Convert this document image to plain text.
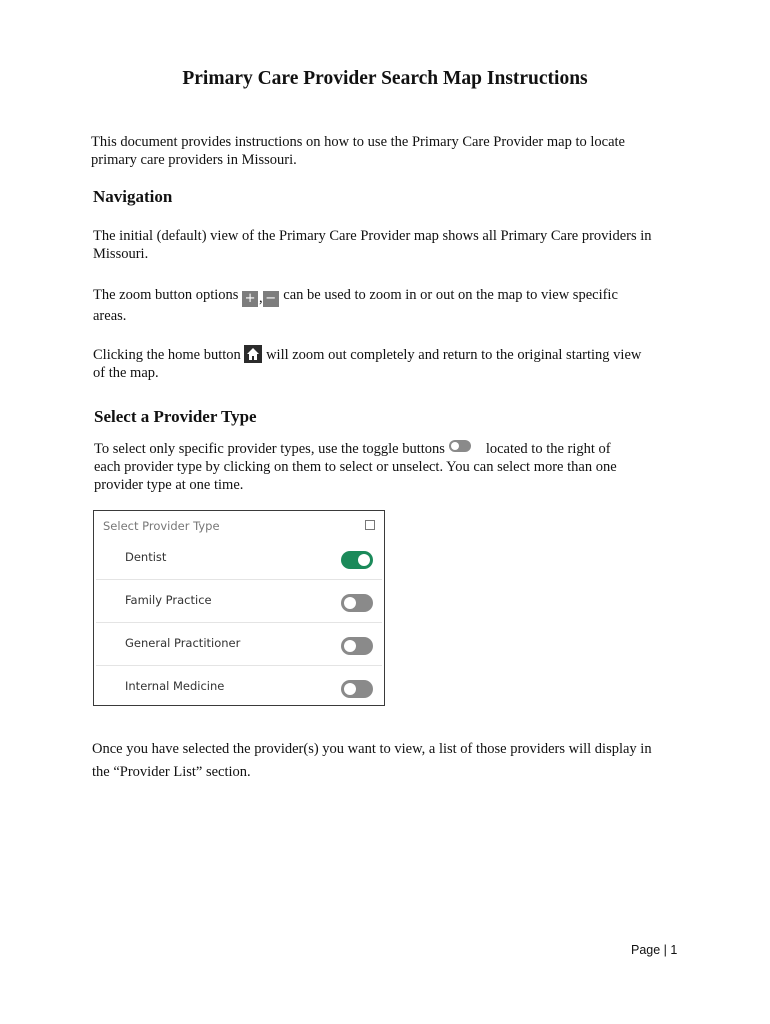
Primary Care Provider Search Map Instructions
This document provides instructions on how to use the Primary Care Provider map to locate
primary care providers in Missouri.
Navigation
The initial (default) view of the Primary Care Provider map shows all Primary Care providers in
Missouri.
The zoom button options + , − can be used to zoom in or out on the map to view specific
areas.
Clicking the home button will zoom out completely and return to the original starting view
of the map.
Select a Provider Type
To select only specific provider types, use the toggle buttons	located to the right of
each provider type by clicking on them to select or unselect. You can select more than one
provider type at one time.
Select Provider Type
Dentist
Family Practice
General Practitioner
Internal Medicine
Once you have selected the provider(s) you want to view, a list of those providers will display in
the “Provider List” section.
Page | 1
